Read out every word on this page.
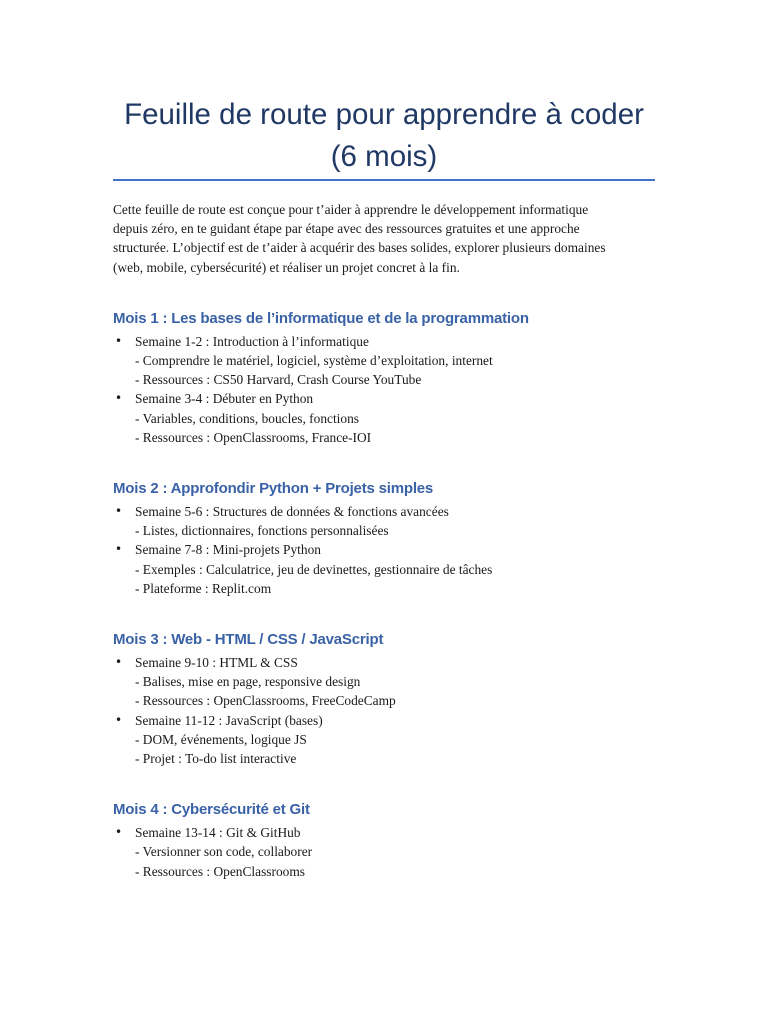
Feuille de route pour apprendre à coder
(6 mois)

Cette feuille de route est conçue pour t’aider à apprendre le développement informatique
depuis zéro, en te guidant étape par étape avec des ressources gratuites et une approche
structurée. L’objectif est de t’aider à acquérir des bases solides, explorer plusieurs domaines
(web, mobile, cybersécurité) et réaliser un projet concret à la fin.

Mois 1 : Les bases de l’informatique et de la programmation
• Semaine 1-2 : Introduction à l’informatique
- Comprendre le matériel, logiciel, système d’exploitation, internet
- Ressources : CS50 Harvard, Crash Course YouTube
• Semaine 3-4 : Débuter en Python
- Variables, conditions, boucles, fonctions
- Ressources : OpenClassrooms, France-IOI
Mois 2 : Approfondir Python + Projets simples
• Semaine 5-6 : Structures de données & fonctions avancées
- Listes, dictionnaires, fonctions personnalisées
• Semaine 7-8 : Mini-projets Python
- Exemples : Calculatrice, jeu de devinettes, gestionnaire de tâches
- Plateforme : Replit.com
Mois 3 : Web - HTML / CSS / JavaScript
• Semaine 9-10 : HTML & CSS
- Balises, mise en page, responsive design
- Ressources : OpenClassrooms, FreeCodeCamp
• Semaine 11-12 : JavaScript (bases)
- DOM, événements, logique JS
- Projet : To-do list interactive
Mois 4 : Cybersécurité et Git
• Semaine 13-14 : Git & GitHub
- Versionner son code, collaborer
- Ressources : OpenClassrooms
